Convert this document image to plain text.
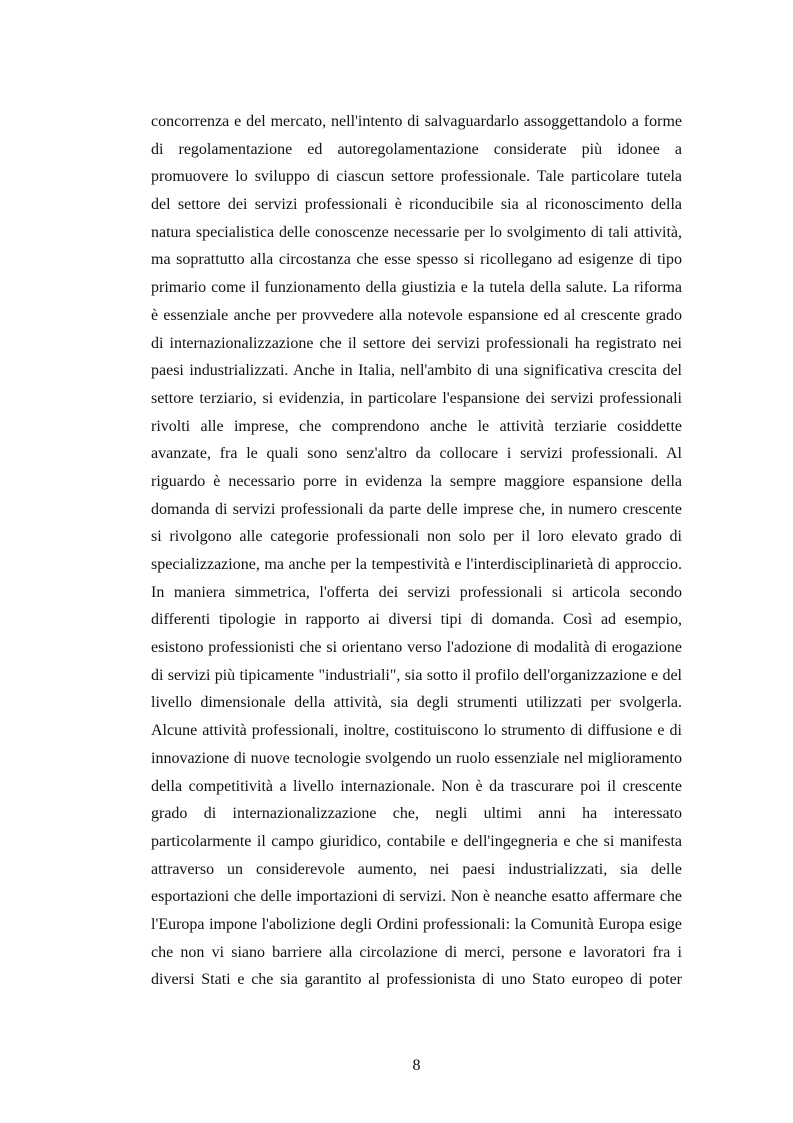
concorrenza e del mercato, nell'intento di salvaguardarlo assoggettandolo a forme
di regolamentazione ed autoregolamentazione considerate più idonee a
promuovere lo sviluppo di ciascun settore professionale. Tale particolare tutela
del settore dei servizi professionali è riconducibile sia al riconoscimento della
natura specialistica delle conoscenze necessarie per lo svolgimento di tali attività,
ma soprattutto alla circostanza che esse spesso si ricollegano ad esigenze di tipo
primario come il funzionamento della giustizia e la tutela della salute. La riforma
è essenziale anche per provvedere alla notevole espansione ed al crescente grado
di internazionalizzazione che il settore dei servizi professionali ha registrato nei
paesi industrializzati. Anche in Italia, nell'ambito di una significativa crescita del
settore terziario, si evidenzia, in particolare l'espansione dei servizi professionali
rivolti alle imprese, che comprendono anche le attività terziarie cosiddette
avanzate, fra le quali sono senz'altro da collocare i servizi professionali. Al
riguardo è necessario porre in evidenza la sempre maggiore espansione della
domanda di servizi professionali da parte delle imprese che, in numero crescente
si rivolgono alle categorie professionali non solo per il loro elevato grado di
specializzazione, ma anche per la tempestività e l'interdisciplinarietà di approccio.
In maniera simmetrica, l'offerta dei servizi professionali si articola secondo
differenti tipologie in rapporto ai diversi tipi di domanda. Così ad esempio,
esistono professionisti che si orientano verso l'adozione di modalità di erogazione
di servizi più tipicamente "industriali", sia sotto il profilo dell'organizzazione e del
livello dimensionale della attività, sia degli strumenti utilizzati per svolgerla.
Alcune attività professionali, inoltre, costituiscono lo strumento di diffusione e di
innovazione di nuove tecnologie svolgendo un ruolo essenziale nel miglioramento
della competitività a livello internazionale. Non è da trascurare poi il crescente
grado di internazionalizzazione che, negli ultimi anni ha interessato
particolarmente il campo giuridico, contabile e dell'ingegneria e che si manifesta
attraverso un considerevole aumento, nei paesi industrializzati, sia delle
esportazioni che delle importazioni di servizi. Non è neanche esatto affermare che
l'Europa impone l'abolizione degli Ordini professionali: la Comunità Europa esige
che non vi siano barriere alla circolazione di merci, persone e lavoratori fra i
diversi Stati e che sia garantito al professionista di uno Stato europeo di poter
8
